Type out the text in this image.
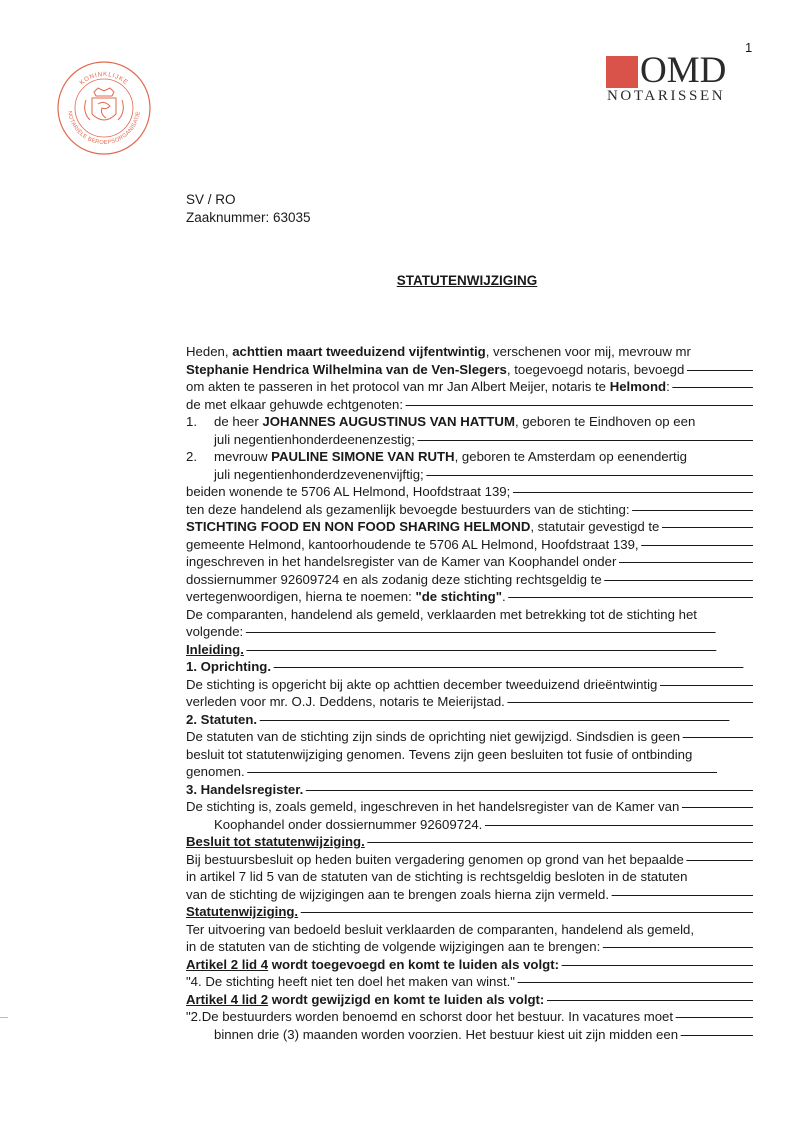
KONINKLIJKE
NOTARIËLE BEROEPSORGANISATIE
OMD
NOTARISSEN
1
SV / RO
Zaaknummer: 63035
STATUTENWIJZIGING
Heden, achttien maart tweeduizend vijfentwintig, verschenen voor mij, mevrouw mr
Stephanie Hendrica Wilhelmina van de Ven-Slegers, toegevoegd notaris, bevoegd
- - -
om akten te passeren in het protocol van mr Jan Albert Meijer, notaris te Helmond:
- - -
de met elkaar gehuwde echtgenoten:
- - -
1.	de heer JOHANNES AUGUSTINUS VAN HATTUM, geboren te Eindhoven op een
juli negentienhonderdeenenzestig;
- - -
2.	mevrouw PAULINE SIMONE VAN RUTH, geboren te Amsterdam op eenendertig
juli negentienhonderdzevenenvijftig;
- - -
beiden wonende te 5706 AL Helmond, Hoofdstraat 139;
- - -
ten deze handelend als gezamenlijk bevoegde bestuurders van de stichting:
- - -
STICHTING FOOD EN NON FOOD SHARING HELMOND, statutair gevestigd te
- - -
gemeente Helmond, kantoorhoudende te 5706 AL Helmond, Hoofdstraat 139,
- - -
ingeschreven in het handelsregister van de Kamer van Koophandel onder
- - -
dossiernummer 92609724 en als zodanig deze stichting rechtsgeldig te
- - -
vertegenwoordigen, hierna te noemen: "de stichting".
- - -
De comparanten, handelend als gemeld, verklaarden met betrekking tot de stichting het
volgende:
- - -
Inleiding.
- - -
1. Oprichting.
- - -
De stichting is opgericht bij akte op achttien december tweeduizend drieëntwintig
- - -
verleden voor mr. O.J. Deddens, notaris te Meierijstad.
- - -
2. Statuten.
- - -
De statuten van de stichting zijn sinds de oprichting niet gewijzigd. Sindsdien is geen
- - -
besluit tot statutenwijziging genomen. Tevens zijn geen besluiten tot fusie of ontbinding
genomen.
- - -
3. Handelsregister.
- - -
De stichting is, zoals gemeld, ingeschreven in het handelsregister van de Kamer van
- - -
Koophandel onder dossiernummer 92609724.
- - -
Besluit tot statutenwijziging.
- - -
Bij bestuursbesluit op heden buiten vergadering genomen op grond van het bepaalde
- - -
in artikel 7 lid 5 van de statuten van de stichting is rechtsgeldig besloten in de statuten
van de stichting de wijzigingen aan te brengen zoals hierna zijn vermeld.
- - -
Statutenwijziging.
- - -
Ter uitvoering van bedoeld besluit verklaarden de comparanten, handelend als gemeld,
in de statuten van de stichting de volgende wijzigingen aan te brengen:
- - -
Artikel 2 lid 4 wordt toegevoegd en komt te luiden als volgt:
- - -
"4. De stichting heeft niet ten doel het maken van winst."
- - -
Artikel 4 lid 2 wordt gewijzigd en komt te luiden als volgt:
- - -
"2. De bestuurders worden benoemd en schorst door het bestuur. In vacatures moet
- - -
binnen drie (3) maanden worden voorzien. Het bestuur kiest uit zijn midden een
- - -
